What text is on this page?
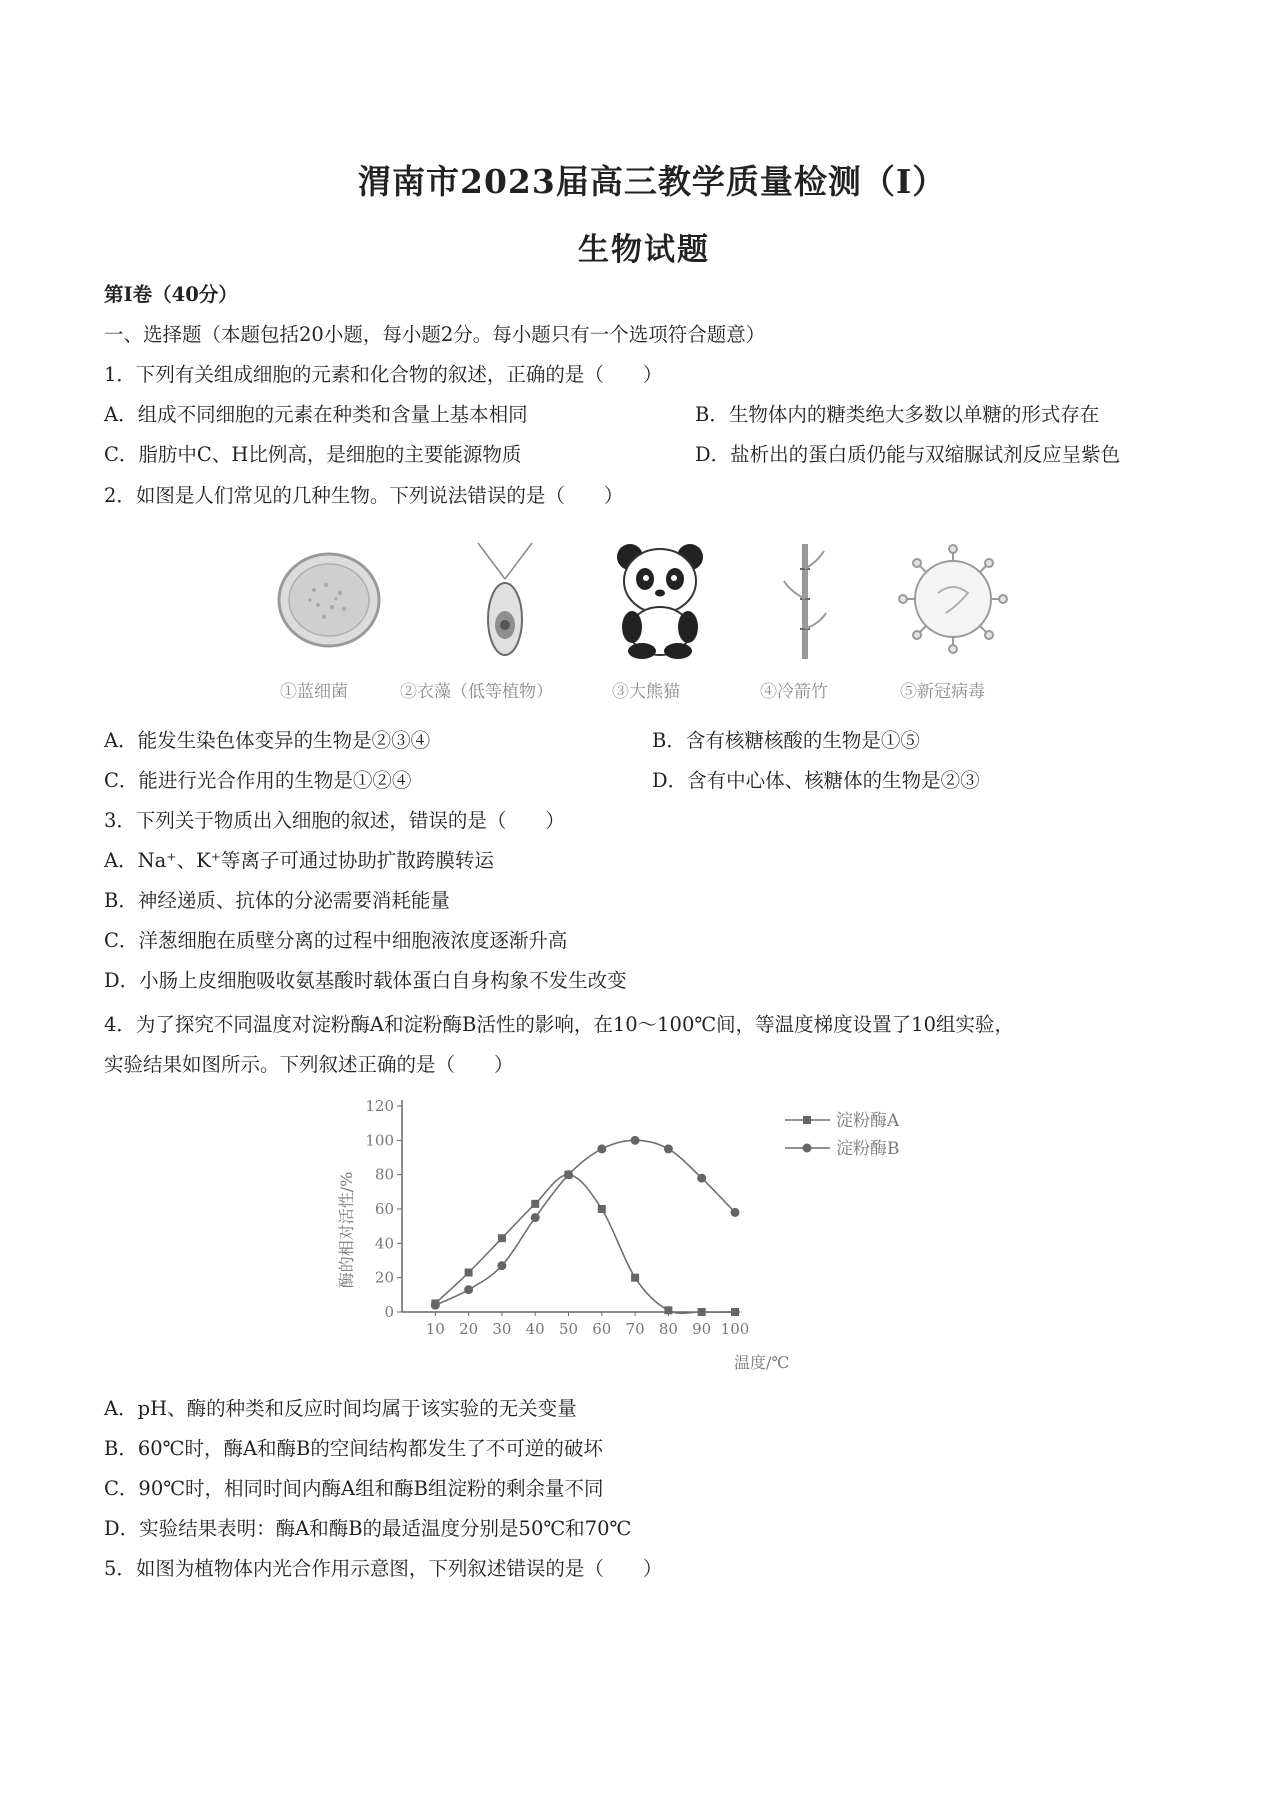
渭南市2023届高三教学质量检测（Ⅰ）
生物试题
第Ⅰ卷（40分）
一、选择题（本题包括20小题，每小题2分。每小题只有一个选项符合题意）
1．下列有关组成细胞的元素和化合物的叙述，正确的是（　　）
A．组成不同细胞的元素在种类和含量上基本相同	B．生物体内的糖类绝大多数以单糖的形式存在
C．脂肪中C、H比例高，是细胞的主要能源物质	D．盐析出的蛋白质仍能与双缩脲试剂反应呈紫色
2．如图是人们常见的几种生物。下列说法错误的是（　　）
①蓝细菌	②衣藻（低等植物）	③大熊猫	④冷箭竹	⑤新冠病毒
A．能发生染色体变异的生物是②③④	B．含有核糖核酸的生物是①⑤
C．能进行光合作用的生物是①②④	D．含有中心体、核糖体的生物是②③
3．下列关于物质出入细胞的叙述，错误的是（　　）
A．Na⁺、K⁺等离子可通过协助扩散跨膜转运
B．神经递质、抗体的分泌需要消耗能量
C．洋葱细胞在质壁分离的过程中细胞液浓度逐渐升高
D．小肠上皮细胞吸收氨基酸时载体蛋白自身构象不发生改变
4．为了探究不同温度对淀粉酶A和淀粉酶B活性的影响，在10～100℃间，等温度梯度设置了10组实验，
实验结果如图所示。下列叙述正确的是（　　）
0
20
40
60
80
100
120
10 20 30 40 50 60 70 80 90 100
酶的相对活性/%
温度/℃
淀粉酶A
淀粉酶B
A．pH、酶的种类和反应时间均属于该实验的无关变量
B．60℃时，酶A和酶B的空间结构都发生了不可逆的破坏
C．90℃时，相同时间内酶A组和酶B组淀粉的剩余量不同
D．实验结果表明：酶A和酶B的最适温度分别是50℃和70℃
5．如图为植物体内光合作用示意图，下列叙述错误的是（　　）
